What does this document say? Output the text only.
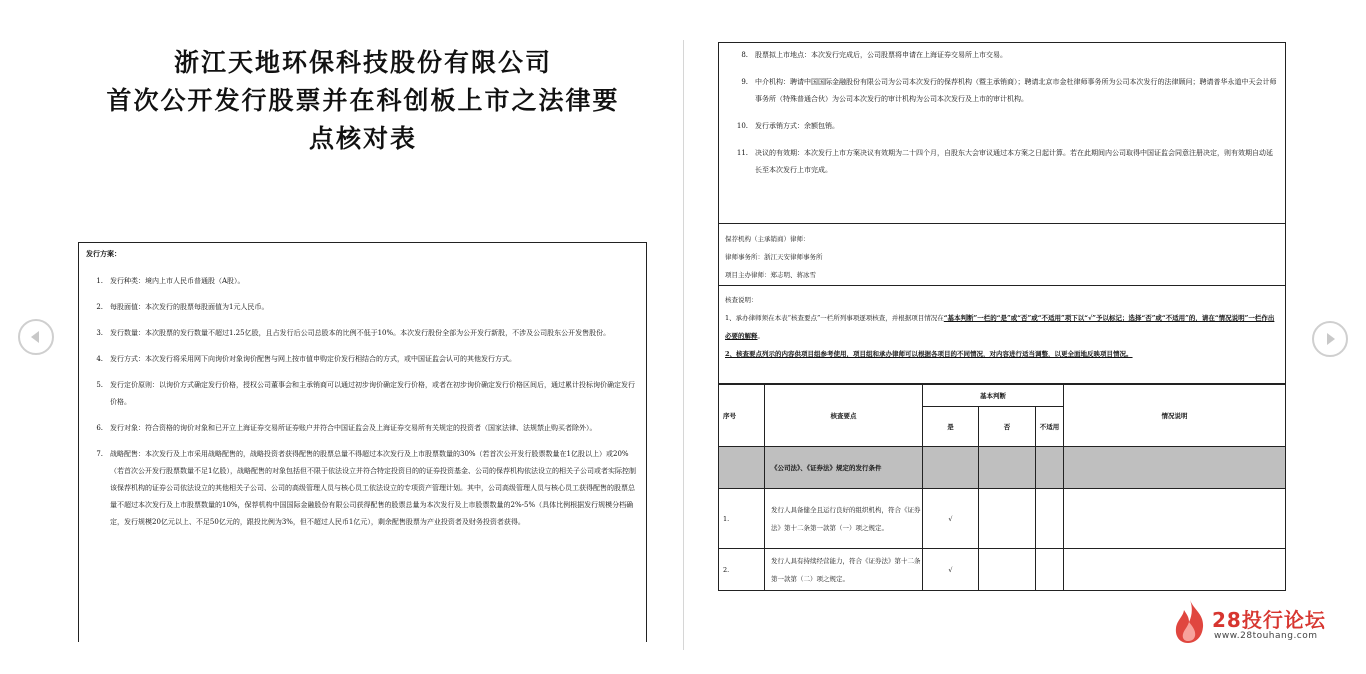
浙江天地环保科技股份有限公司
首次公开发行股票并在科创板上市之法律要
点核对表
发行方案：
1.	发行种类：境内上市人民币普通股（A股）。
2.	每股面值：本次发行的股票每股面值为1元人民币。
3.	发行数量：本次股票的发行数量不超过1.25亿股，且占发行后公司总股本的比例不低于10%。本次发行股份全部为公开发行新股，不涉及公司股东公开发售股份。
4.	发行方式：本次发行将采用网下向询价对象询价配售与网上按市值申购定价发行相结合的方式，或中国证监会认可的其他发行方式。
5.	发行定价原则：以询价方式确定发行价格，授权公司董事会和主承销商可以通过初步询价确定发行价格，或者在初步询价确定发行价格区间后，通过累计投标询价确定发行价格。
6.	发行对象：符合资格的询价对象和已开立上海证券交易所证券账户并符合中国证监会及上海证券交易所有关规定的投资者（国家法律、法规禁止购买者除外）。
7.	战略配售：本次发行及上市采用战略配售的，战略投资者获得配售的股票总量不得超过本次发行及上市股票数量的30%（若首次公开发行股票数量在1亿股以上）或20%（若首次公开发行股票数量不足1亿股），战略配售的对象包括但不限于依法设立并符合特定投资目的的证券投资基金、公司的保荐机构依法设立的相关子公司或者实际控制该保荐机构的证券公司依法设立的其他相关子公司、公司的高级管理人员与核心员工依法设立的专项资产管理计划。其中，公司高级管理人员与核心员工获得配售的股票总量不超过本次发行及上市股票数量的10%，保荐机构中国国际金融股份有限公司获得配售的股票总量为本次发行及上市股票数量的2%-5%（具体比例根据发行规模分档确定，发行规模20亿元以上、不足50亿元的，跟投比例为3%，但不超过人民币1亿元），剩余配售股票为产业投资者及财务投资者获得。
8.	股票拟上市地点：本次发行完成后，公司股票将申请在上海证券交易所上市交易。
9.	中介机构：聘请中国国际金融股份有限公司为公司本次发行的保荐机构（暨主承销商）；聘请北京市金杜律师事务所为公司本次发行的法律顾问；聘请普华永道中天会计师事务所（特殊普通合伙）为公司本次发行的审计机构为公司本次发行及上市的审计机构。
10.	发行承销方式：余额包销。
11.	决议的有效期：本次发行上市方案决议有效期为二十四个月，自股东大会审议通过本方案之日起计算。若在此期间内公司取得中国证监会同意注册决定，则有效期自动延长至本次发行上市完成。
保荐机构（主承销商）律师：
律师事务所：浙江天安律师事务所
项目主办律师：郑志明、蒋冰雪
核查说明：
1、承办律师须在本表“核查要点”一栏所列事项逐项核查，并根据项目情况在“基本判断”一栏的“是”或“否”或“不适用”项下以“√”予以标记；选择“否”或“不适用”的，请在“情况说明”一栏作出必要的解释。
2、核查要点列示的内容供项目组参考使用，项目组和承办律师可以根据各项目的不同情况，对内容进行适当调整，以更全面地反映项目情况。
序号	核查要点	基本判断			情况说明
		是	否	不适用	
	《公司法》、《证券法》规定的发行条件				
1.	发行人具备健全且运行良好的组织机构，符合《证券法》第十二条第一款第（一）项之规定。	√			
2.	发行人具有持续经营能力，符合《证券法》第十二条第一款第（二）项之规定。	√			
28投行论坛
www.28touhang.com
